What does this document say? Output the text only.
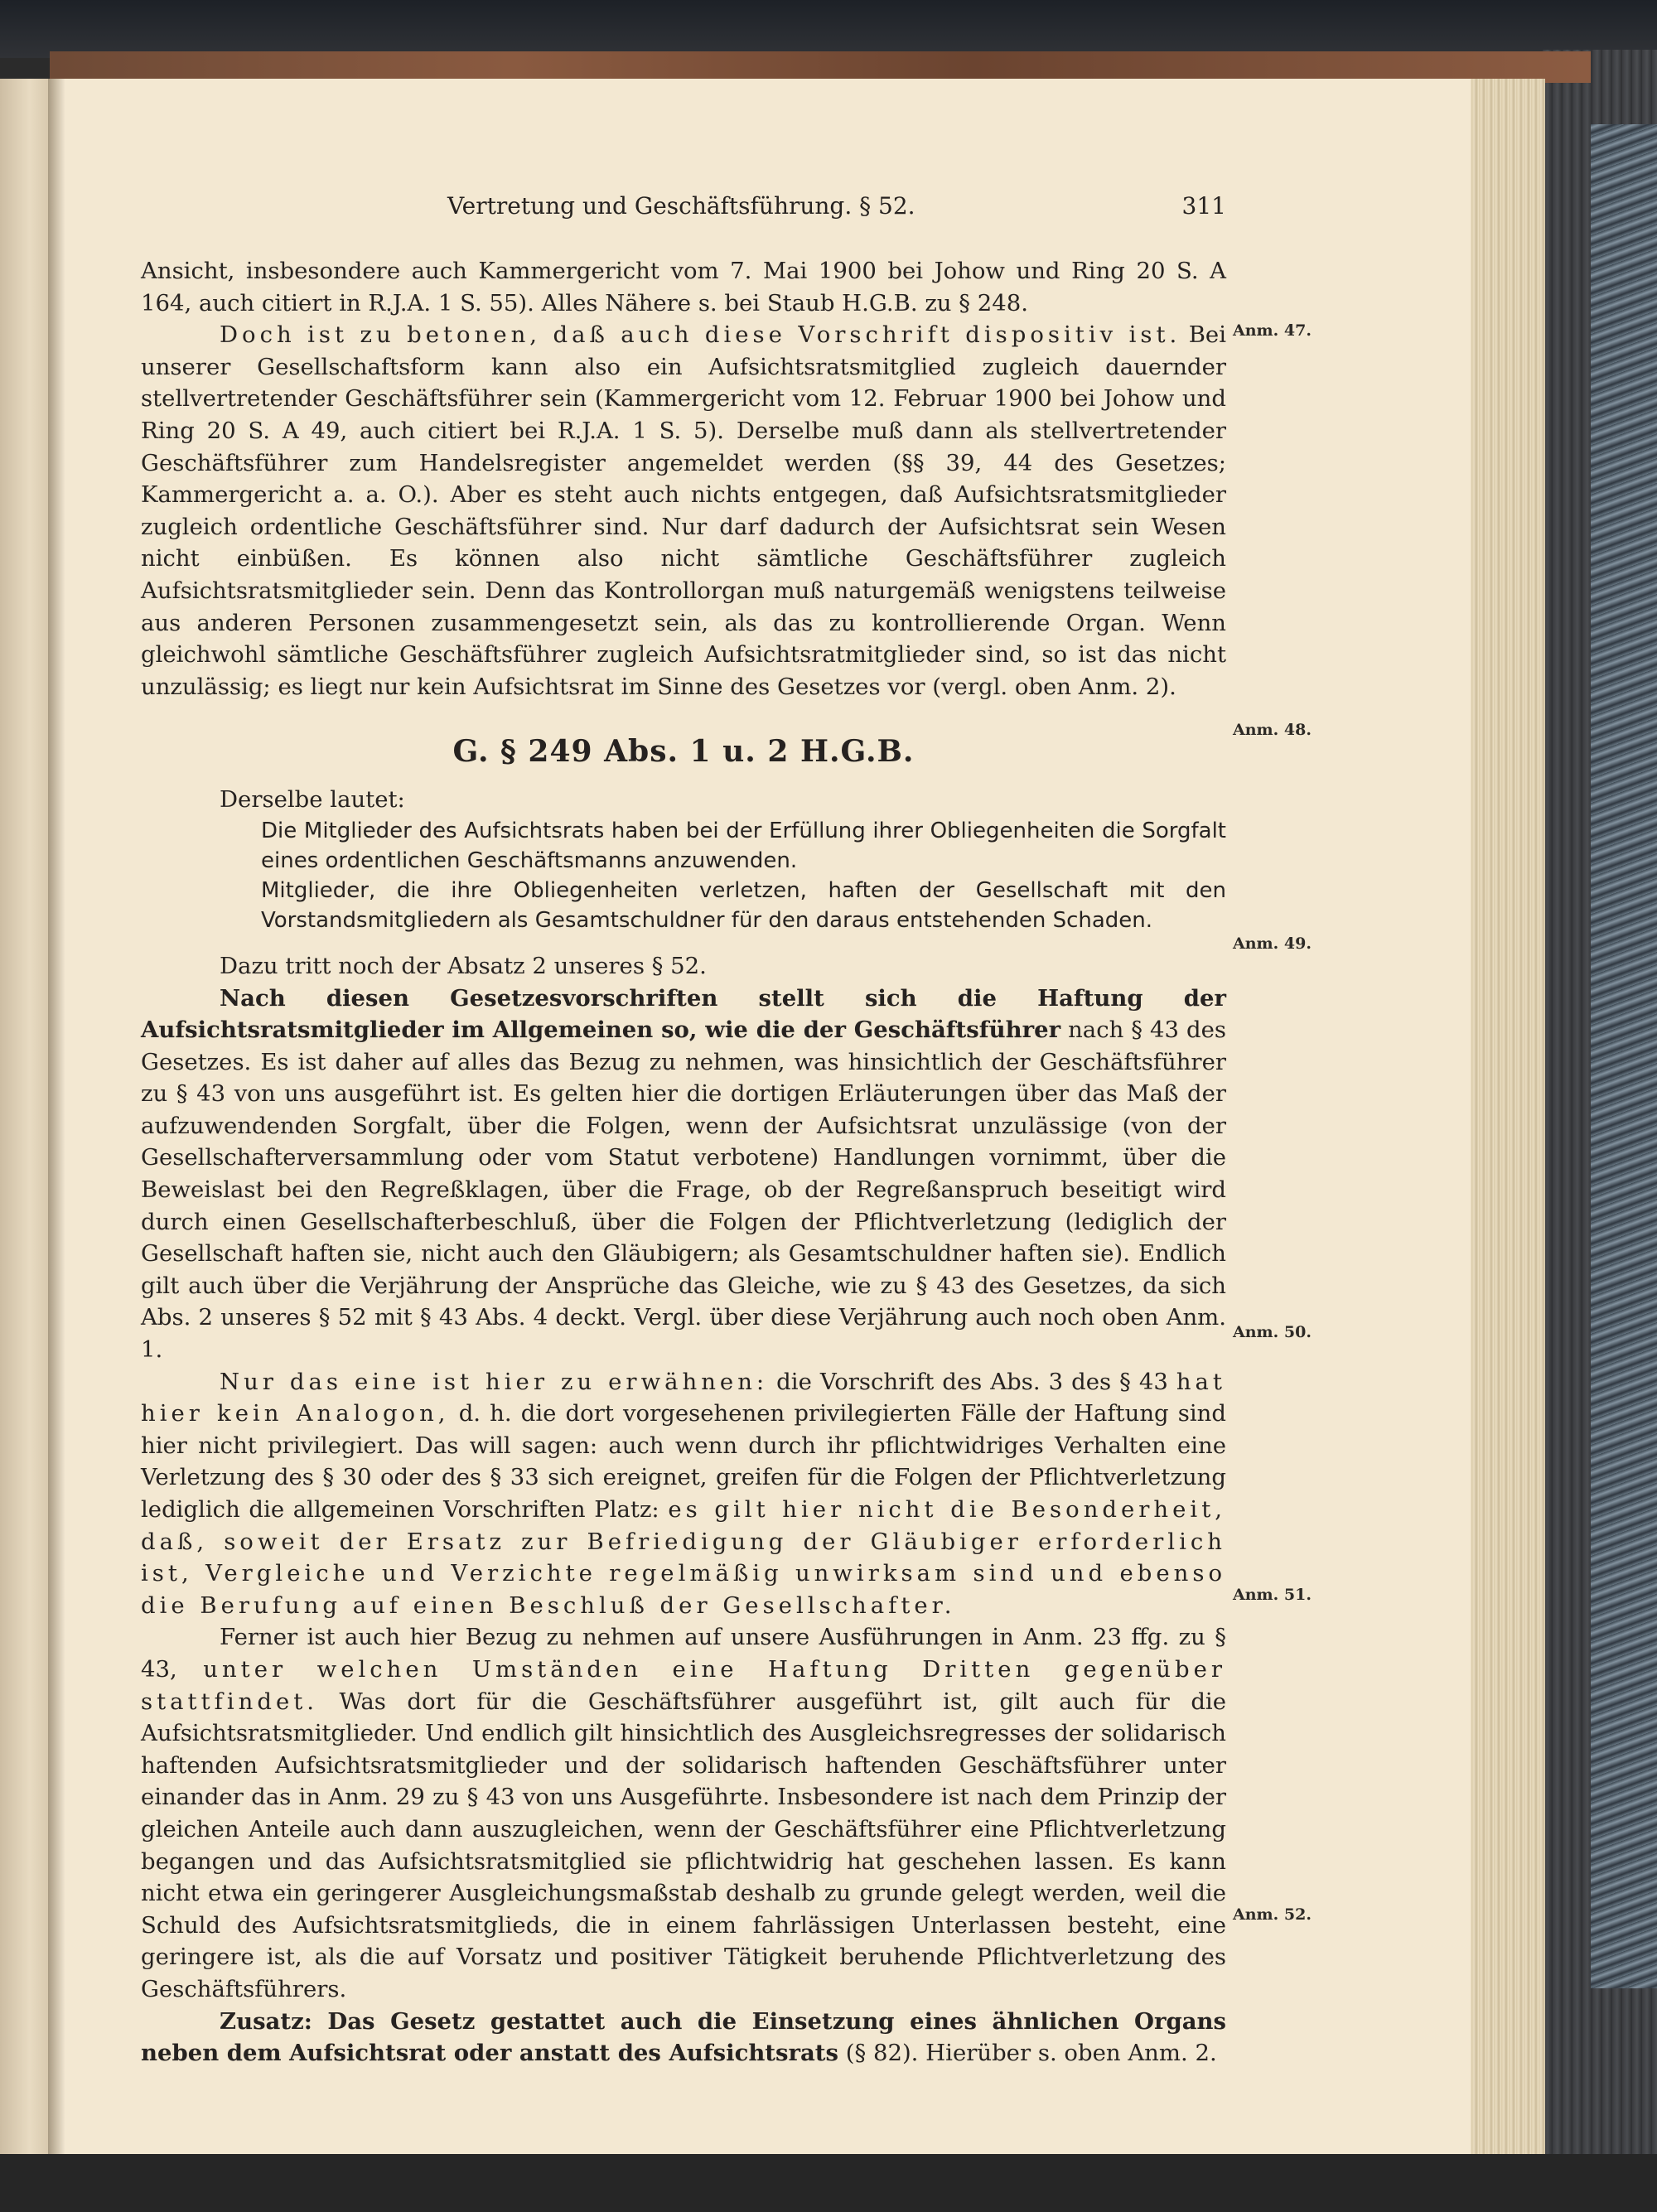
Vertretung und Geschäftsführung. § 52.	311
Anm. 47.
Anm. 48.
Anm. 49.
Anm. 50.
Anm. 51.
Anm. 52.

Ansicht, insbesondere auch Kammergericht vom 7. Mai 1900 bei Johow und Ring 20 S. A 164, auch citiert in R.J.A. 1 S. 55). Alles Nähere s. bei Staub H.G.B. zu § 248.

Doch ist zu betonen, daß auch diese Vorschrift dispositiv ist. Bei unserer Gesellschaftsform kann also ein Aufsichtsratsmitglied zugleich dauernder stellvertretender Geschäftsführer sein (Kammergericht vom 12. Februar 1900 bei Johow und Ring 20 S. A 49, auch citiert bei R.J.A. 1 S. 5). Derselbe muß dann als stellvertretender Geschäftsführer zum Handelsregister angemeldet werden (§§ 39, 44 des Gesetzes; Kammergericht a. a. O.). Aber es steht auch nichts entgegen, daß Aufsichtsratsmitglieder zugleich ordentliche Geschäftsführer sind. Nur darf dadurch der Aufsichtsrat sein Wesen nicht einbüßen. Es können also nicht sämtliche Geschäftsführer zugleich Aufsichtsratsmitglieder sein. Denn das Kontrollorgan muß naturgemäß wenigstens teilweise aus anderen Personen zusammengesetzt sein, als das zu kontrollierende Organ. Wenn gleichwohl sämtliche Geschäftsführer zugleich Aufsichtsratmitglieder sind, so ist das nicht unzulässig; es liegt nur kein Aufsichtsrat im Sinne des Gesetzes vor (vergl. oben Anm. 2).

G. § 249 Abs. 1 u. 2 H.G.B.

Derselbe lautet:

Die Mitglieder des Aufsichtsrats haben bei der Erfüllung ihrer Obliegenheiten die Sorgfalt eines ordentlichen Geschäftsmanns anzuwenden.

Mitglieder, die ihre Obliegenheiten verletzen, haften der Gesellschaft mit den Vorstandsmitgliedern als Gesamtschuldner für den daraus entstehenden Schaden.

Dazu tritt noch der Absatz 2 unseres § 52.

Nach diesen Gesetzesvorschriften stellt sich die Haftung der Aufsichtsratsmitglieder im Allgemeinen so, wie die der Geschäftsführer nach § 43 des Gesetzes. Es ist daher auf alles das Bezug zu nehmen, was hinsichtlich der Geschäftsführer zu § 43 von uns ausgeführt ist. Es gelten hier die dortigen Erläuterungen über das Maß der aufzuwendenden Sorgfalt, über die Folgen, wenn der Aufsichtsrat unzulässige (von der Gesellschafterversammlung oder vom Statut verbotene) Handlungen vornimmt, über die Beweislast bei den Regreßklagen, über die Frage, ob der Regreßanspruch beseitigt wird durch einen Gesellschafterbeschluß, über die Folgen der Pflichtverletzung (lediglich der Gesellschaft haften sie, nicht auch den Gläubigern; als Gesamtschuldner haften sie). Endlich gilt auch über die Verjährung der Ansprüche das Gleiche, wie zu § 43 des Gesetzes, da sich Abs. 2 unseres § 52 mit § 43 Abs. 4 deckt. Vergl. über diese Verjährung auch noch oben Anm. 1.

Nur das eine ist hier zu erwähnen: die Vorschrift des Abs. 3 des § 43 hat hier kein Analogon, d. h. die dort vorgesehenen privilegierten Fälle der Haftung sind hier nicht privilegiert. Das will sagen: auch wenn durch ihr pflichtwidriges Verhalten eine Verletzung des § 30 oder des § 33 sich ereignet, greifen für die Folgen der Pflichtverletzung lediglich die allgemeinen Vorschriften Platz: es gilt hier nicht die Besonderheit, daß, soweit der Ersatz zur Befriedigung der Gläubiger erforderlich ist, Vergleiche und Verzichte regelmäßig unwirksam sind und ebenso die Berufung auf einen Beschluß der Gesellschafter.

Ferner ist auch hier Bezug zu nehmen auf unsere Ausführungen in Anm. 23 ffg. zu § 43, unter welchen Umständen eine Haftung Dritten gegenüber stattfindet. Was dort für die Geschäftsführer ausgeführt ist, gilt auch für die Aufsichtsratsmitglieder. Und endlich gilt hinsichtlich des Ausgleichsregresses der solidarisch haftenden Aufsichtsratsmitglieder und der solidarisch haftenden Geschäftsführer unter einander das in Anm. 29 zu § 43 von uns Ausgeführte. Insbesondere ist nach dem Prinzip der gleichen Anteile auch dann auszugleichen, wenn der Geschäftsführer eine Pflichtverletzung begangen und das Aufsichtsratsmitglied sie pflichtwidrig hat geschehen lassen. Es kann nicht etwa ein geringerer Ausgleichungsmaßstab deshalb zu grunde gelegt werden, weil die Schuld des Aufsichtsratsmitglieds, die in einem fahrlässigen Unterlassen besteht, eine geringere ist, als die auf Vorsatz und positiver Tätigkeit beruhende Pflichtverletzung des Geschäftsführers.

Zusatz: Das Gesetz gestattet auch die Einsetzung eines ähnlichen Organs neben dem Aufsichtsrat oder anstatt des Aufsichtsrats (§ 82). Hierüber s. oben Anm. 2.
